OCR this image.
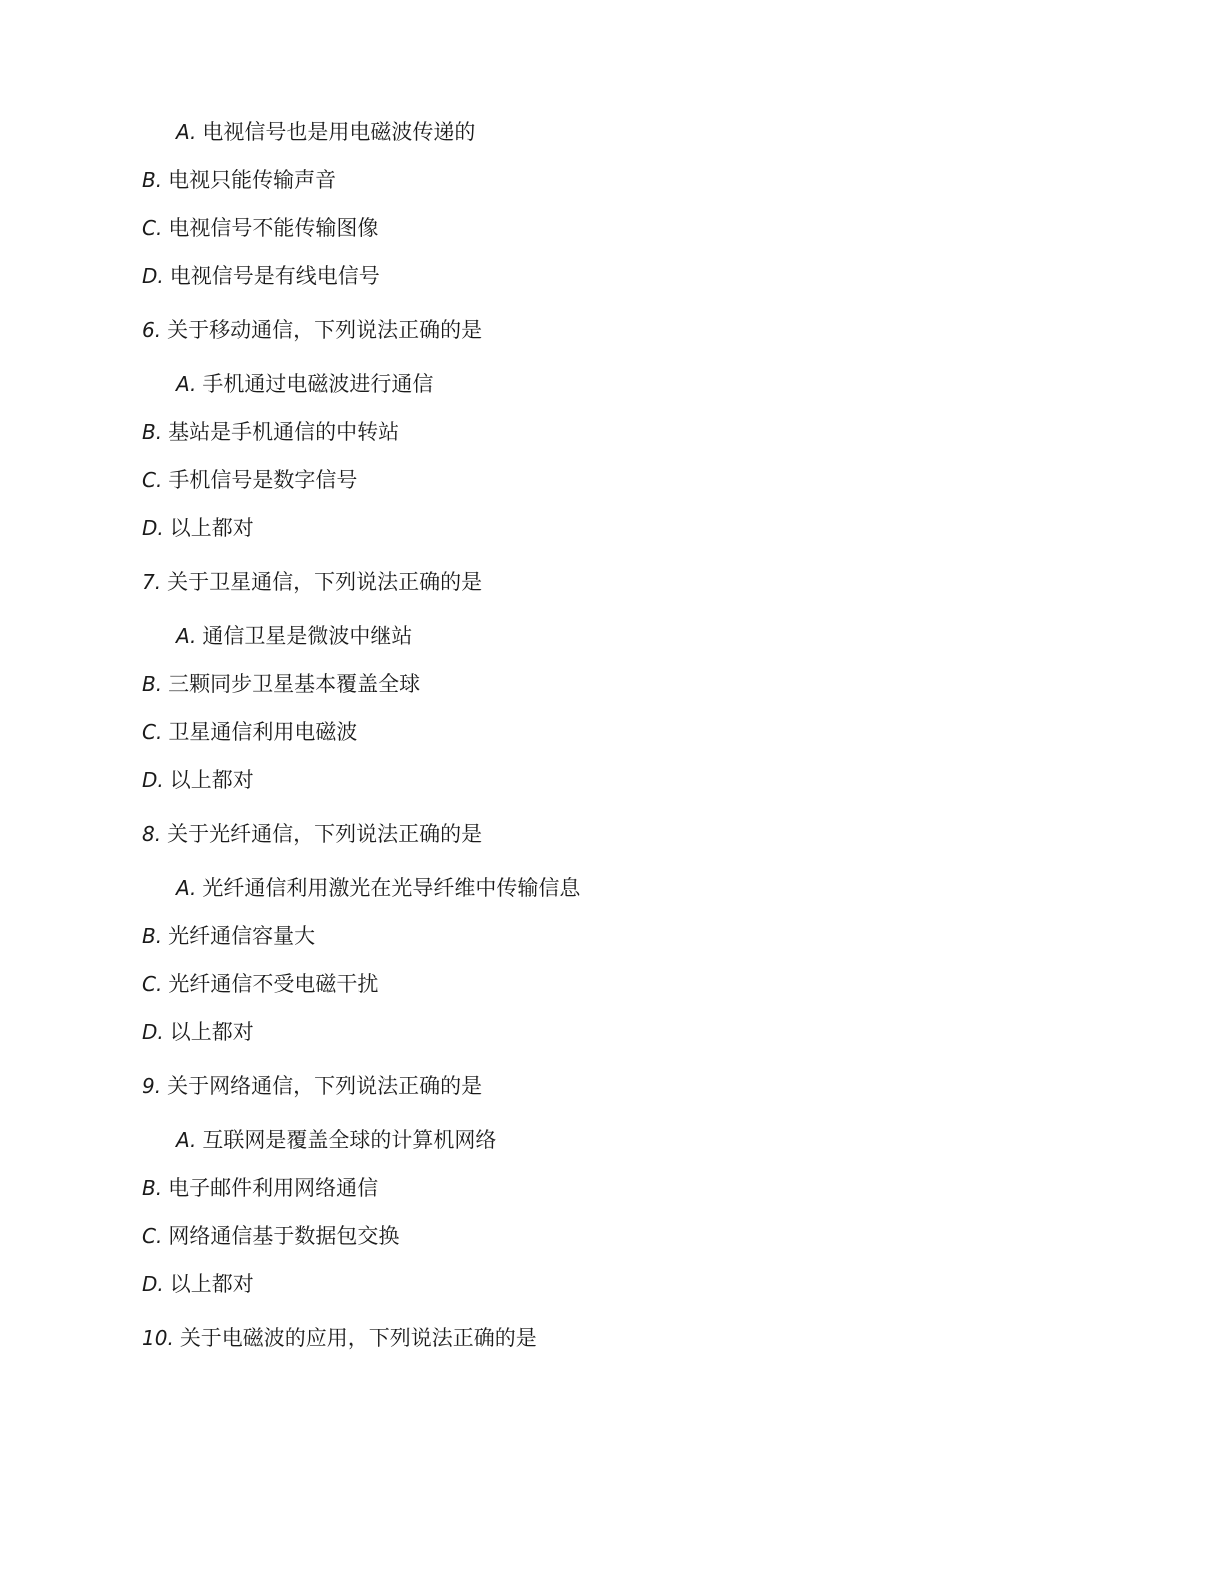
A. 电视信号也是用电磁波传递的
B. 电视只能传输声音
C. 电视信号不能传输图像
D. 电视信号是有线电信号
6. 关于移动通信，下列说法正确的是
A. 手机通过电磁波进行通信
B. 基站是手机通信的中转站
C. 手机信号是数字信号
D. 以上都对
7. 关于卫星通信，下列说法正确的是
A. 通信卫星是微波中继站
B. 三颗同步卫星基本覆盖全球
C. 卫星通信利用电磁波
D. 以上都对
8. 关于光纤通信，下列说法正确的是
A. 光纤通信利用激光在光导纤维中传输信息
B. 光纤通信容量大
C. 光纤通信不受电磁干扰
D. 以上都对
9. 关于网络通信，下列说法正确的是
A. 互联网是覆盖全球的计算机网络
B. 电子邮件利用网络通信
C. 网络通信基于数据包交换
D. 以上都对
10. 关于电磁波的应用，下列说法正确的是
